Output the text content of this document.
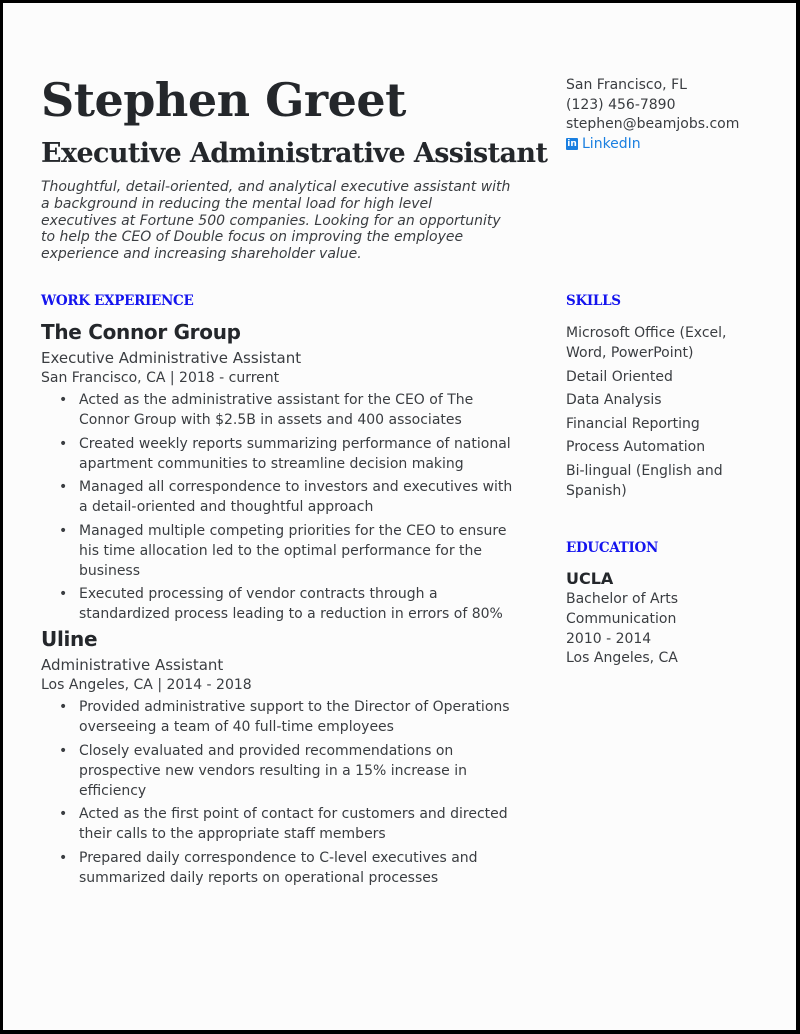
Stephen Greet
Executive Administrative Assistant

Thoughtful, detail-oriented, and analytical executive assistant with a background in reducing the mental load for high level executives at Fortune 500 companies. Looking for an opportunity to help the CEO of Double focus on improving the employee experience and increasing shareholder value.

San Francisco, FL
(123) 456-7890
stephen@beamjobs.com
in LinkedIn
WORK EXPERIENCE
The Connor Group
Executive Administrative Assistant
San Francisco, CA | 2018 - current
• Acted as the administrative assistant for the CEO of The Connor Group with $2.5B in assets and 400 associates
• Created weekly reports summarizing performance of national apartment communities to streamline decision making
• Managed all correspondence to investors and executives with a detail-oriented and thoughtful approach
• Managed multiple competing priorities for the CEO to ensure his time allocation led to the optimal performance for the business
• Executed processing of vendor contracts through a standardized process leading to a reduction in errors of 80%
Uline
Administrative Assistant
Los Angeles, CA | 2014 - 2018
• Provided administrative support to the Director of Operations overseeing a team of 40 full-time employees
• Closely evaluated and provided recommendations on prospective new vendors resulting in a 15% increase in efficiency
• Acted as the first point of contact for customers and directed their calls to the appropriate staff members
• Prepared daily correspondence to C-level executives and summarized daily reports on operational processes
SKILLS
Microsoft Office (Excel, Word, PowerPoint)
Detail Oriented
Data Analysis
Financial Reporting
Process Automation
Bi-lingual (English and Spanish)
EDUCATION
UCLA
Bachelor of Arts
Communication
2010 - 2014
Los Angeles, CA
